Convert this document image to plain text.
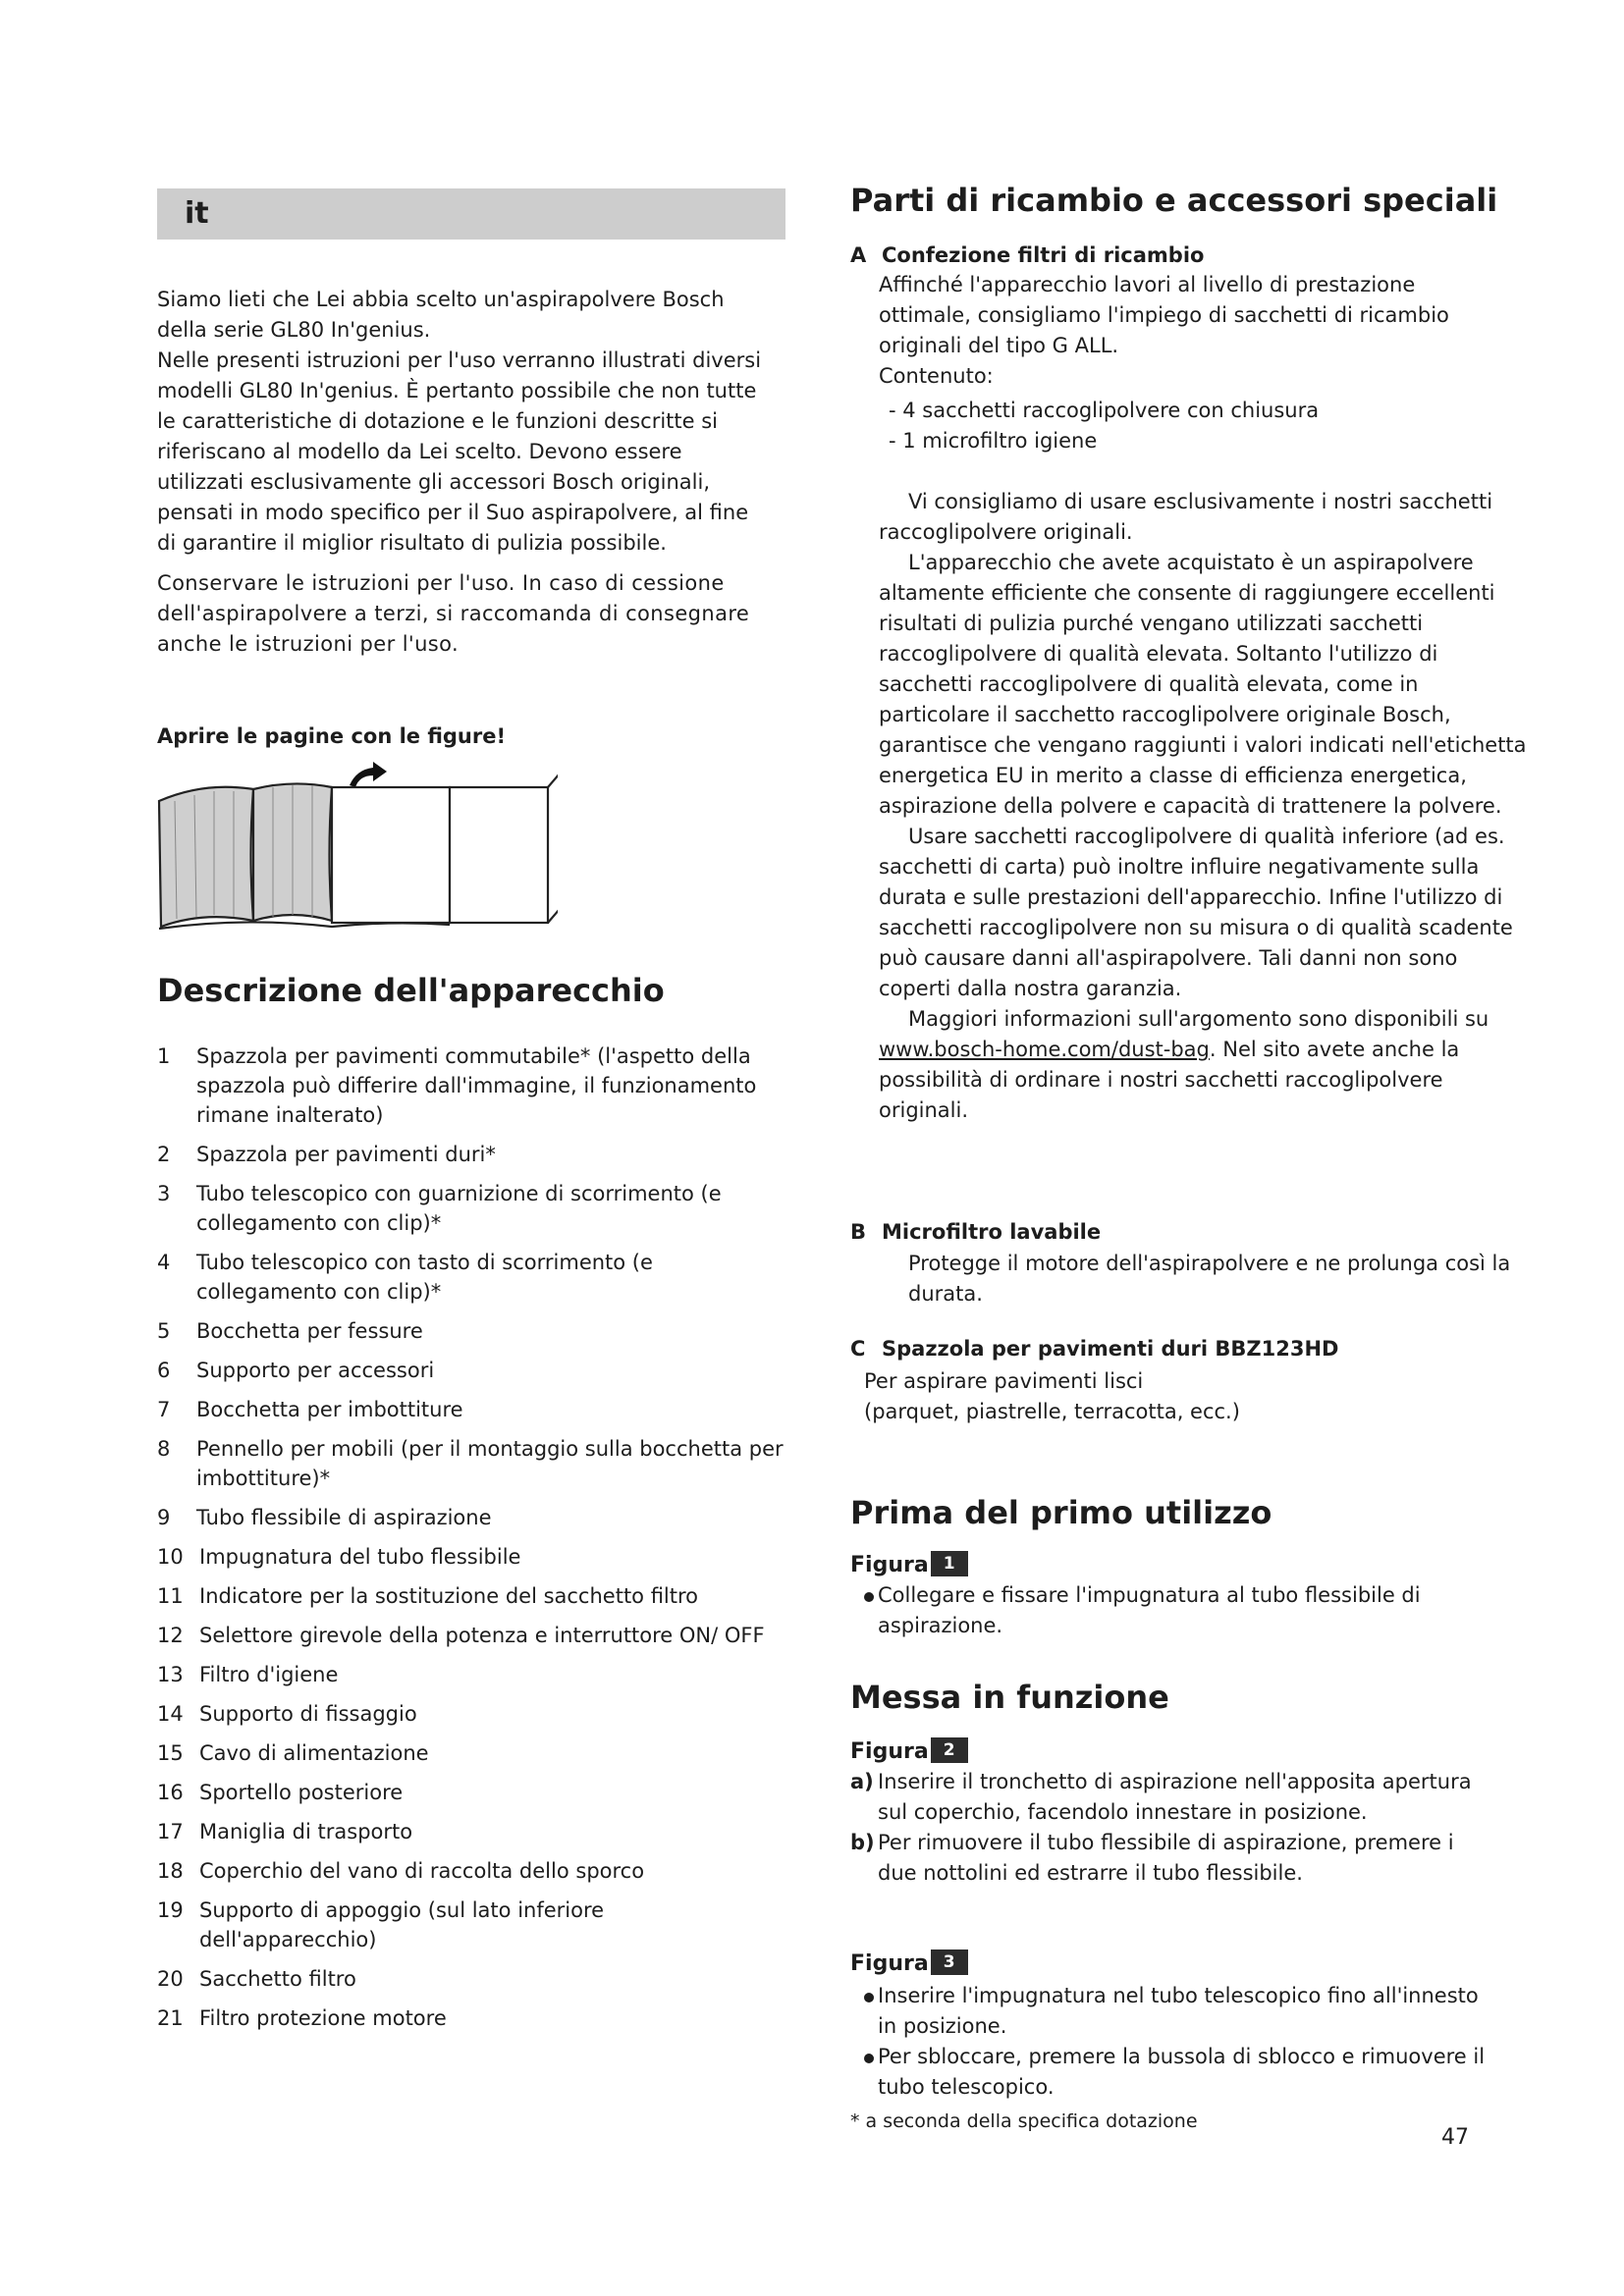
it

Siamo lieti che Lei abbia scelto un'aspirapolvere Bosch della serie GL80 In'genius.

Nelle presenti istruzioni per l'uso verranno illustrati diversi modelli GL80 In'genius. È pertanto possibile che non tutte le caratteristiche di dotazione e le funzioni descritte si riferiscano al modello da Lei scelto. Devono essere utilizzati esclusivamente gli accessori Bosch originali, pensati in modo specifico per il Suo aspirapolvere, al fine di garantire il miglior risultato di pulizia possibile.

Conservare le istruzioni per l'uso. In caso di cessione dell'aspirapolvere a terzi, si raccomanda di consegnare anche le istruzioni per l'uso.

Aprire le pagine con le figure!
Descrizione dell'apparecchio
1 Spazzola per pavimenti commutabile* (l'aspetto della spazzola può differire dall'immagine, il funzionamento rimane inalterato)
2 Spazzola per pavimenti duri*
3 Tubo telescopico con guarnizione di scorrimento (e collegamento con clip)*
4 Tubo telescopico con tasto di scorrimento (e collegamento con clip)*
5 Bocchetta per fessure
6 Supporto per accessori
7 Bocchetta per imbottiture
8 Pennello per mobili (per il montaggio sulla bocchetta per imbottiture)*
9 Tubo flessibile di aspirazione
10 Impugnatura del tubo flessibile
11 Indicatore per la sostituzione del sacchetto filtro
12 Selettore girevole della potenza e interruttore ON/ OFF
13 Filtro d'igiene
14 Supporto di fissaggio
15 Cavo di alimentazione
16 Sportello posteriore
17 Maniglia di trasporto
18 Coperchio del vano di raccolta dello sporco
19 Supporto di appoggio (sul lato inferiore dell'apparecchio)
20 Sacchetto filtro
21 Filtro protezione motore
Parti di ricambio e accessori speciali
A Confezione filtri di ricambio

Affinché l'apparecchio lavori al livello di prestazione ottimale, consigliamo l'impiego di sacchetti di ricambio originali del tipo G ALL.

Contenuto:

- 4 sacchetti raccoglipolvere con chiusura

- 1 microfiltro igiene

Vi consigliamo di usare esclusivamente i nostri sacchetti raccoglipolvere originali.

L'apparecchio che avete acquistato è un aspirapolvere altamente efficiente che consente di raggiungere eccellenti risultati di pulizia purché vengano utilizzati sacchetti raccoglipolvere di qualità elevata. Soltanto l'utilizzo di sacchetti raccoglipolvere di qualità elevata, come in particolare il sacchetto raccoglipolvere originale Bosch, garantisce che vengano raggiunti i valori indicati nell'etichetta energetica EU in merito a classe di efficienza energetica, aspirazione della polvere e capacità di trattenere la polvere.

Usare sacchetti raccoglipolvere di qualità inferiore (ad es. sacchetti di carta) può inoltre influire negativamente sulla durata e sulle prestazioni dell'apparecchio. Infine l'utilizzo di sacchetti raccoglipolvere non su misura o di qualità scadente può causare danni all'aspirapolvere. Tali danni non sono coperti dalla nostra garanzia.

Maggiori informazioni sull'argomento sono disponibili su www.bosch-home.com/dust-bag. Nel sito avete anche la possibilità di ordinare i nostri sacchetti raccoglipolvere originali.

B Microfiltro lavabile

Protegge il motore dell'aspirapolvere e ne prolunga così la durata.

C Spazzola per pavimenti duri BBZ123HD

Per aspirare pavimenti lisci

(parquet, piastrelle, terracotta, ecc.)

Prima del primo utilizzo
Figura 1

Collegare e fissare l'impugnatura al tubo flessibile di aspirazione.

Messa in funzione
Figura 2

a) Inserire il tronchetto di aspirazione nell'apposita apertura sul coperchio, facendolo innestare in posizione.

b) Per rimuovere il tubo flessibile di aspirazione, premere i due nottolini ed estrarre il tubo flessibile.

Figura 3

Inserire l'impugnatura nel tubo telescopico fino all'innesto in posizione.

Per sbloccare, premere la bussola di sblocco e rimuovere il tubo telescopico.

* a seconda della specifica dotazione
47
